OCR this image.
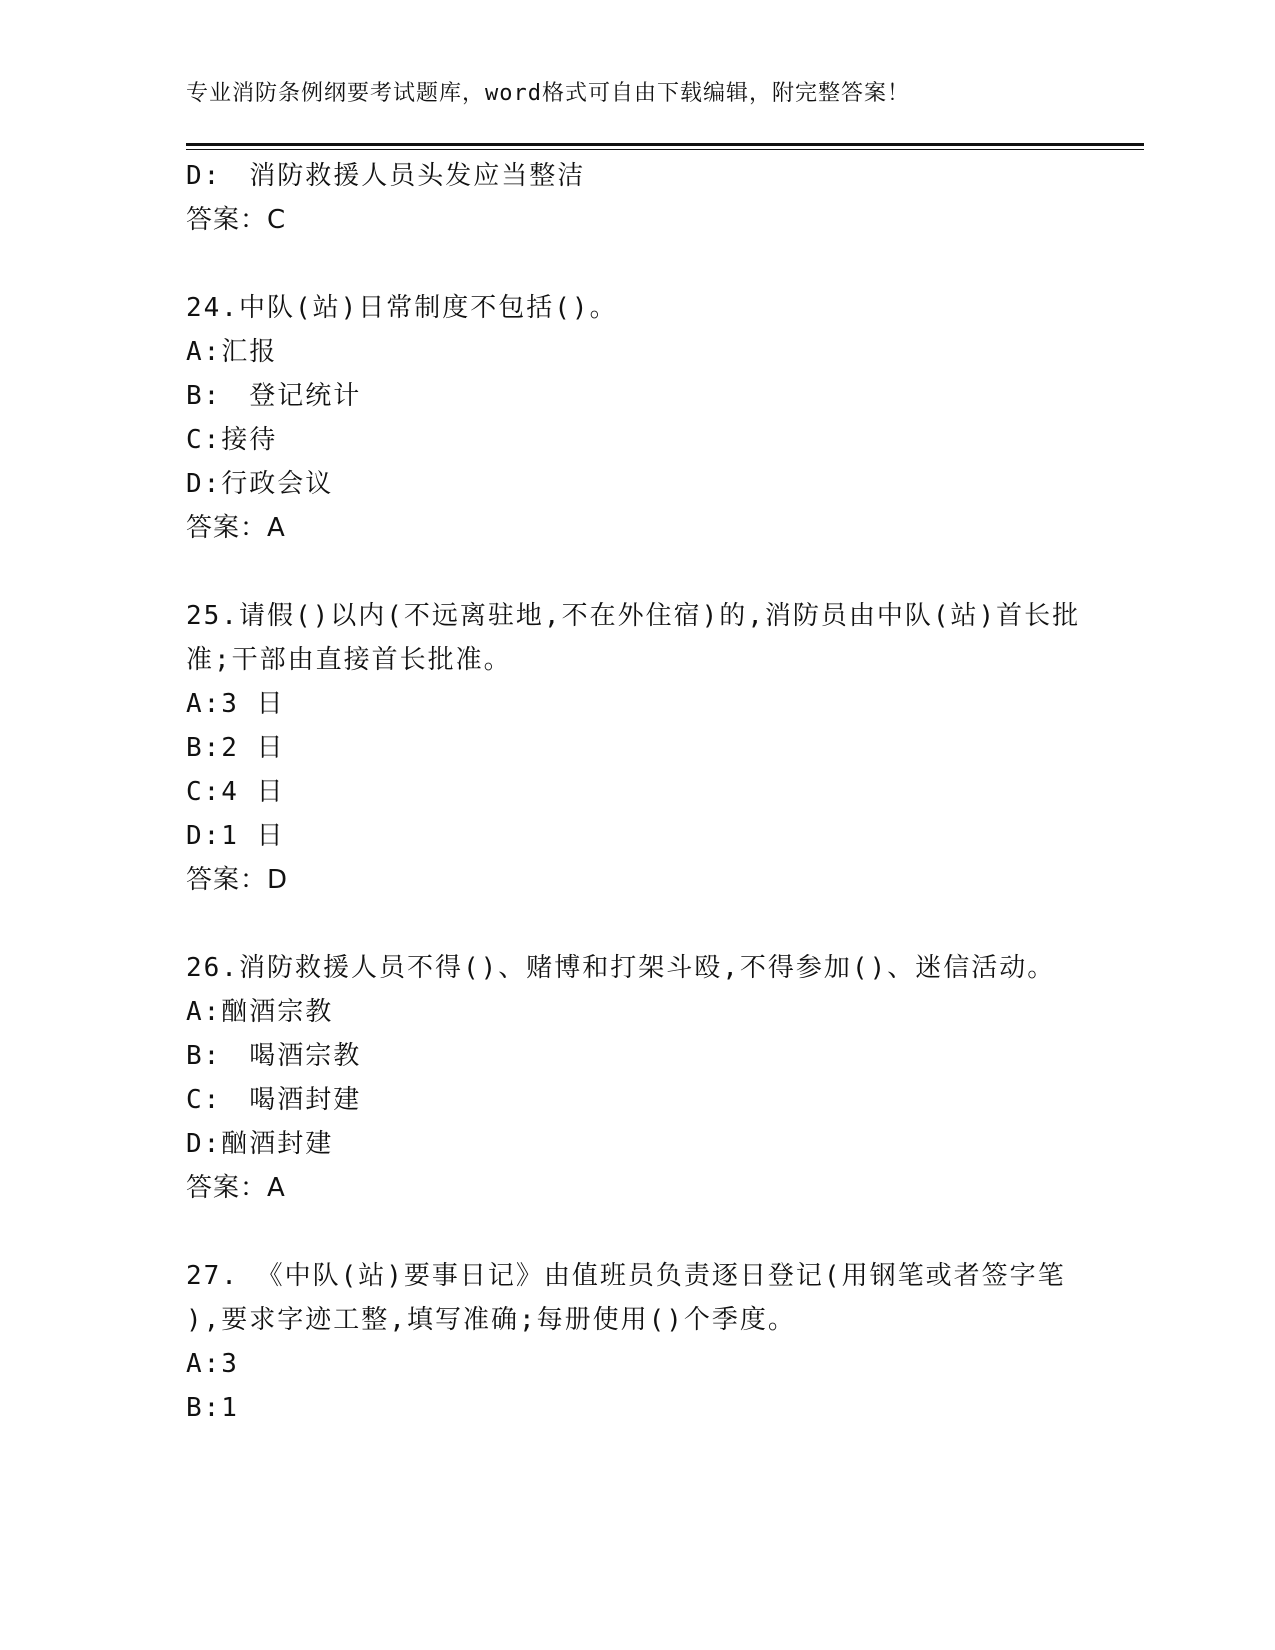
专业消防条例纲要考试题库，word格式可自由下载编辑，附完整答案！
D:　消防救援人员头发应当整洁
答案：C
24.中队(站)日常制度不包括()。
A:汇报
B:　登记统计
C:接待
D:行政会议
答案：A
25.请假()以内(不远离驻地,不在外住宿)的,消防员由中队(站)首长批
准;干部由直接首长批准。
A:3 日
B:2 日
C:4 日
D:1 日
答案：D
26.消防救援人员不得()、赌博和打架斗殴,不得参加()、迷信活动。
A:酗酒宗教
B:　喝酒宗教
C:　喝酒封建
D:酗酒封建
答案：A
27. 《中队(站)要事日记》由值班员负责逐日登记(用钢笔或者签字笔
),要求字迹工整,填写准确;每册使用()个季度。
A:3
B:1
